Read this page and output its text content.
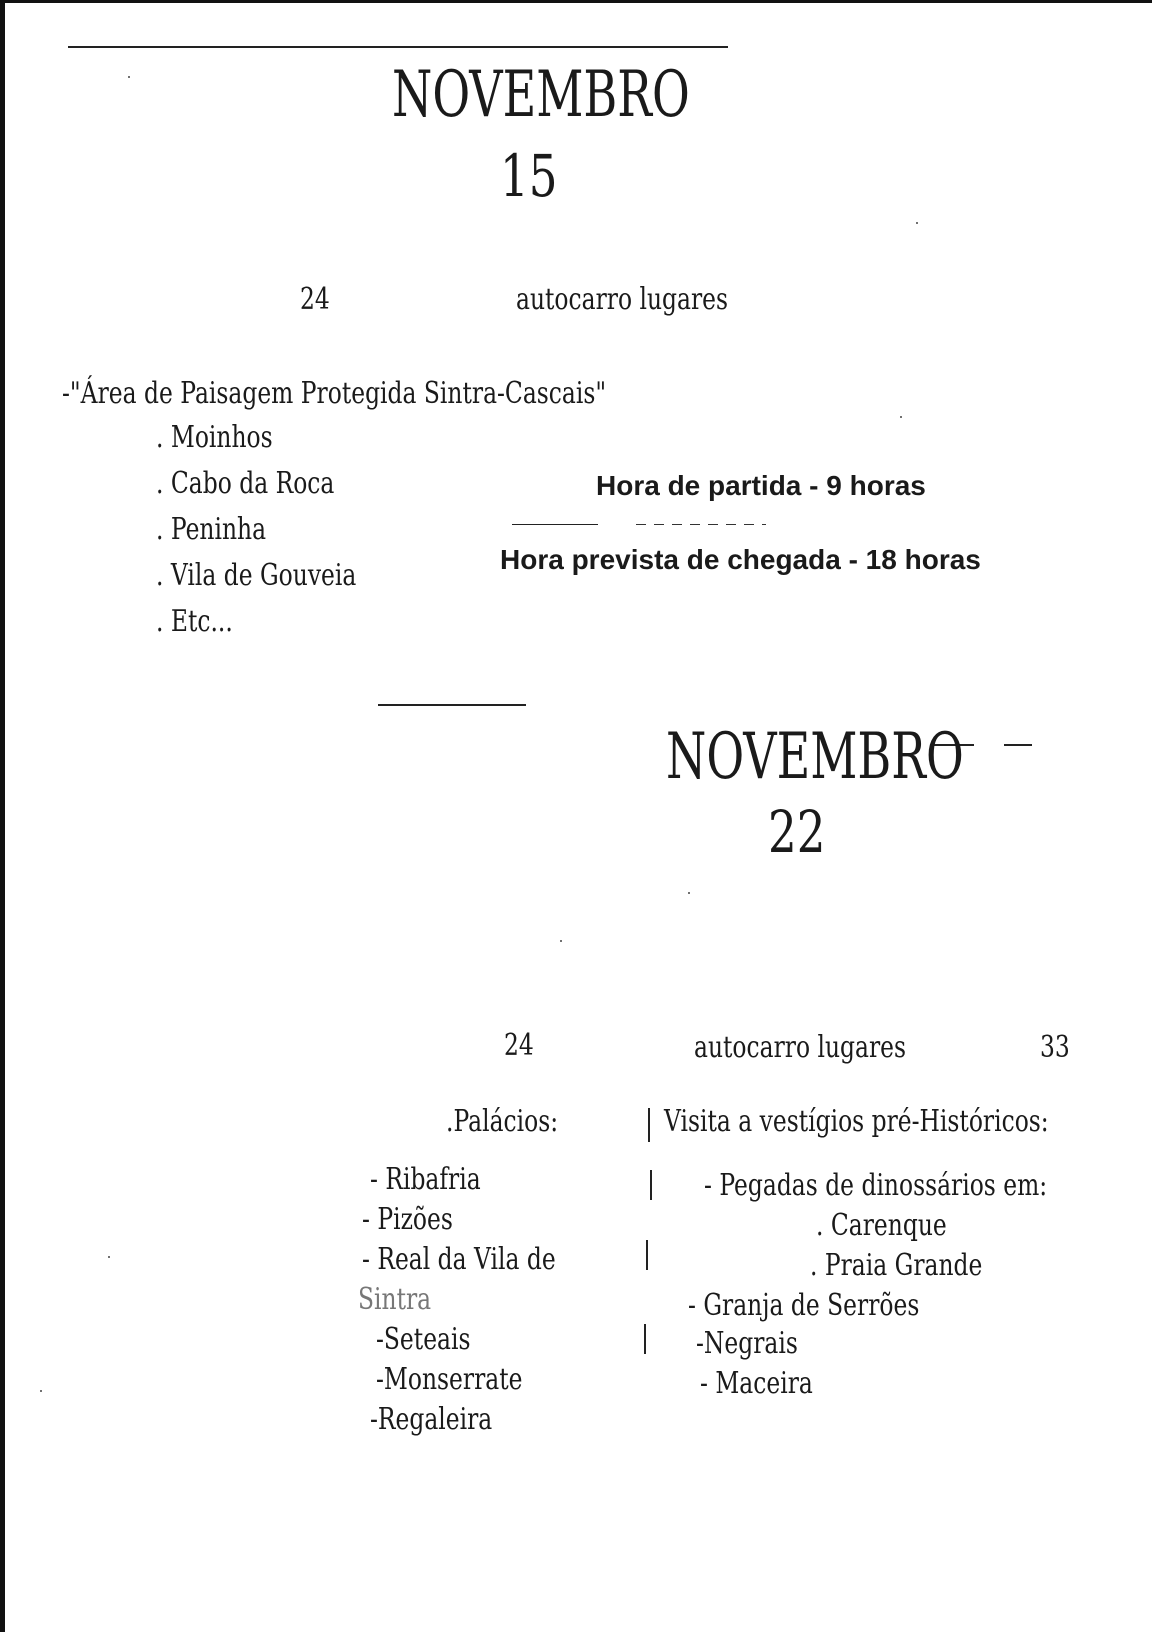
NOVEMBRO
15
24	autocarro lugares
-"Área de Paisagem Protegida Sintra-Cascais"
. Moinhos
. Cabo da Roca
. Peninha
. Vila de Gouveia
. Etc...
Hora de partida - 9 horas
Hora prevista de chegada - 18 horas
NOVEMBRO
22
24	autocarro lugares	33
.Palácios:
- Ribafria
- Pizões
- Real da Vila de
Sintra
-Seteais
-Monserrate
-Regaleira
Visita a vestígios pré-Históricos:
- Pegadas de dinossários em:
. Carenque
. Praia Grande
- Granja de Serrões
-Negrais
- Maceira
